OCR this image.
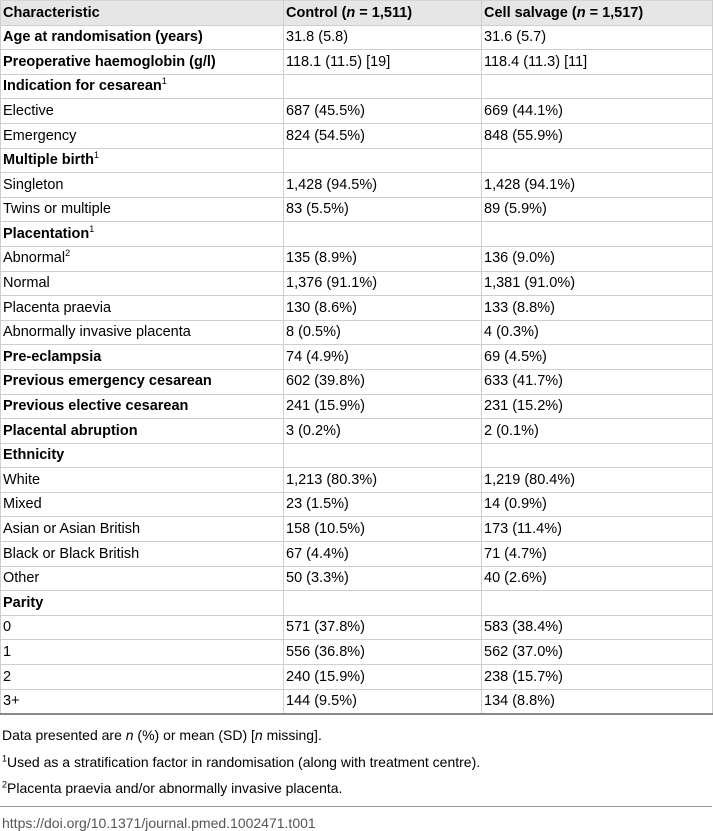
Characteristic	Control (n = 1,511)	Cell salvage (n = 1,517)
Age at randomisation (years)	31.8 (5.8)	31.6 (5.7)
Preoperative haemoglobin (g/l)	118.1 (11.5) [19]	118.4 (11.3) [11]
Indication for cesarean$^1$		
Elective	687 (45.5%)	669 (44.1%)
Emergency	824 (54.5%)	848 (55.9%)
Multiple birth$^1$		
Singleton	1,428 (94.5%)	1,428 (94.1%)
Twins or multiple	83 (5.5%)	89 (5.9%)
Placentation$^1$		
Abnormal$^2$	135 (8.9%)	136 (9.0%)
Normal	1,376 (91.1%)	1,381 (91.0%)
Placenta praevia	130 (8.6%)	133 (8.8%)
Abnormally invasive placenta	8 (0.5%)	4 (0.3%)
Pre-eclampsia	74 (4.9%)	69 (4.5%)
Previous emergency cesarean	602 (39.8%)	633 (41.7%)
Previous elective cesarean	241 (15.9%)	231 (15.2%)
Placental abruption	3 (0.2%)	2 (0.1%)
Ethnicity		
White	1,213 (80.3%)	1,219 (80.4%)
Mixed	23 (1.5%)	14 (0.9%)
Asian or Asian British	158 (10.5%)	173 (11.4%)
Black or Black British	67 (4.4%)	71 (4.7%)
Other	50 (3.3%)	40 (2.6%)
Parity		
0	571 (37.8%)	583 (38.4%)
1	556 (36.8%)	562 (37.0%)
2	240 (15.9%)	238 (15.7%)
3+	144 (9.5%)	134 (8.8%)

Data presented are n (%) or mean (SD) [n missing].

$^1$Used as a stratification factor in randomisation (along with treatment centre).

$^2$Placenta praevia and/or abnormally invasive placenta.

https://doi.org/10.1371/journal.pmed.1002471.t001
